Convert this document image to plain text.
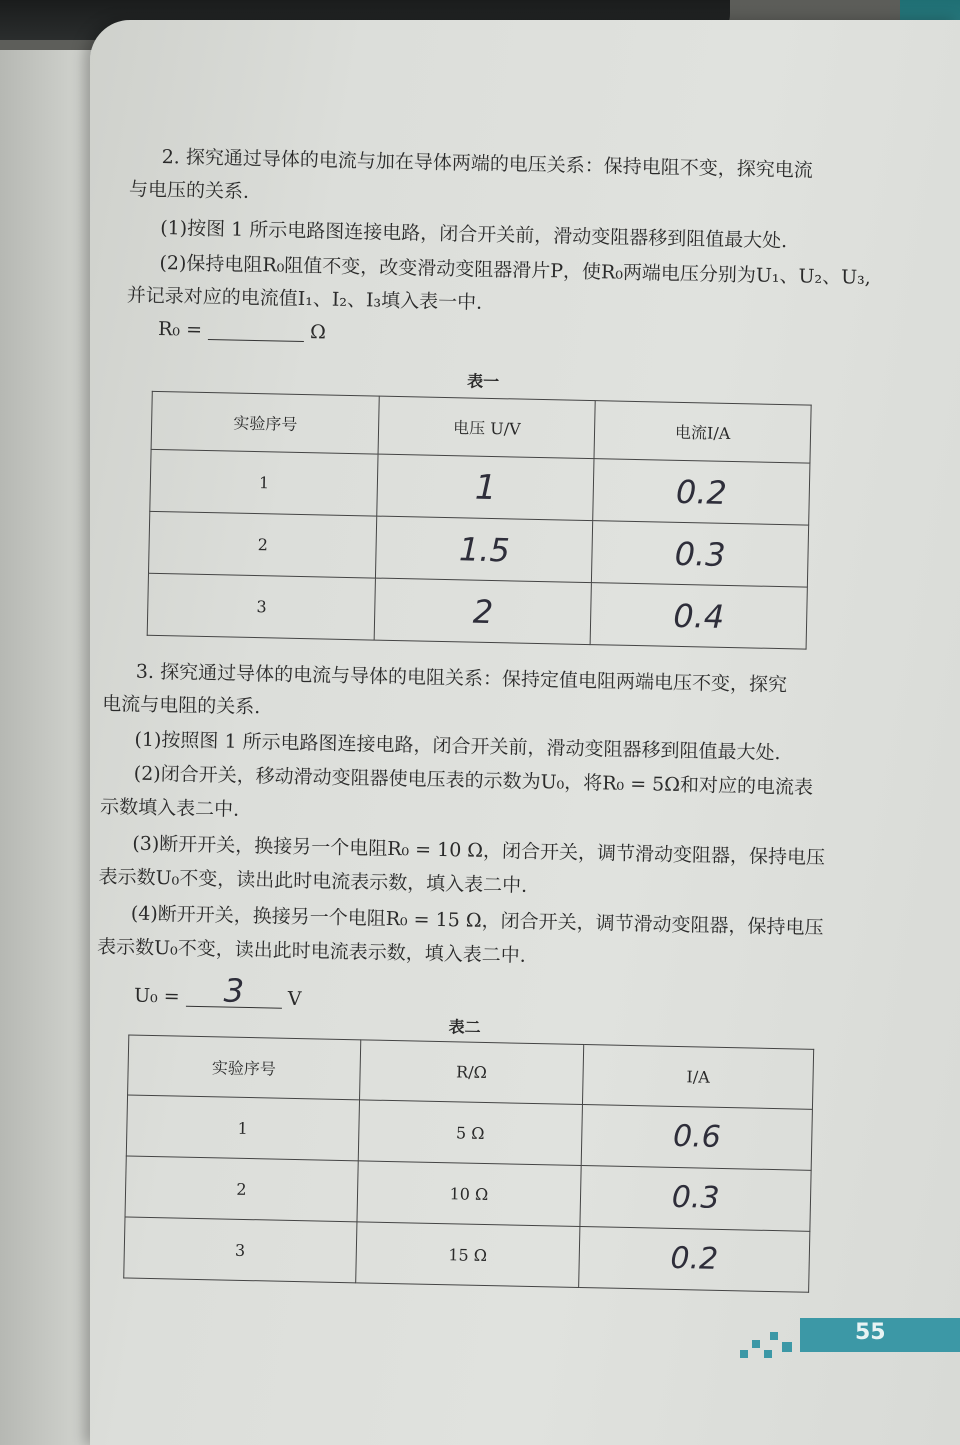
2. 探究通过导体的电流与加在导体两端的电压关系：保持电阻不变，探究电流
与电压的关系.
(1)按图 1 所示电路图连接电路，闭合开关前，滑动变阻器移到阻值最大处.
(2)保持电阻R₀阻值不变，改变滑动变阻器滑片P，使R₀两端电压分别为U₁、U₂、U₃,
并记录对应的电流值I₁、I₂、I₃填入表一中.
R₀ =	Ω
表一
实验序号	电压 U/V	电流I/A
1	1	0.2
2	1.5	0.3
3	2	0.4
3. 探究通过导体的电流与导体的电阻关系：保持定值电阻两端电压不变，探究
电流与电阻的关系.
(1)按照图 1 所示电路图连接电路，闭合开关前，滑动变阻器移到阻值最大处.
(2)闭合开关，移动滑动变阻器使电压表的示数为U₀，将R₀ = 5Ω和对应的电流表
示数填入表二中.
(3)断开开关，换接另一个电阻R₀ = 10 Ω，闭合开关，调节滑动变阻器，保持电压
表示数U₀不变，读出此时电流表示数，填入表二中.
(4)断开开关，换接另一个电阻R₀ = 15 Ω，闭合开关，调节滑动变阻器，保持电压
表示数U₀不变，读出此时电流表示数，填入表二中.
U₀ = 3 V
表二
实验序号	R/Ω	I/A
1	5 Ω	0.6
2	10 Ω	0.3
3	15 Ω	0.2
55
